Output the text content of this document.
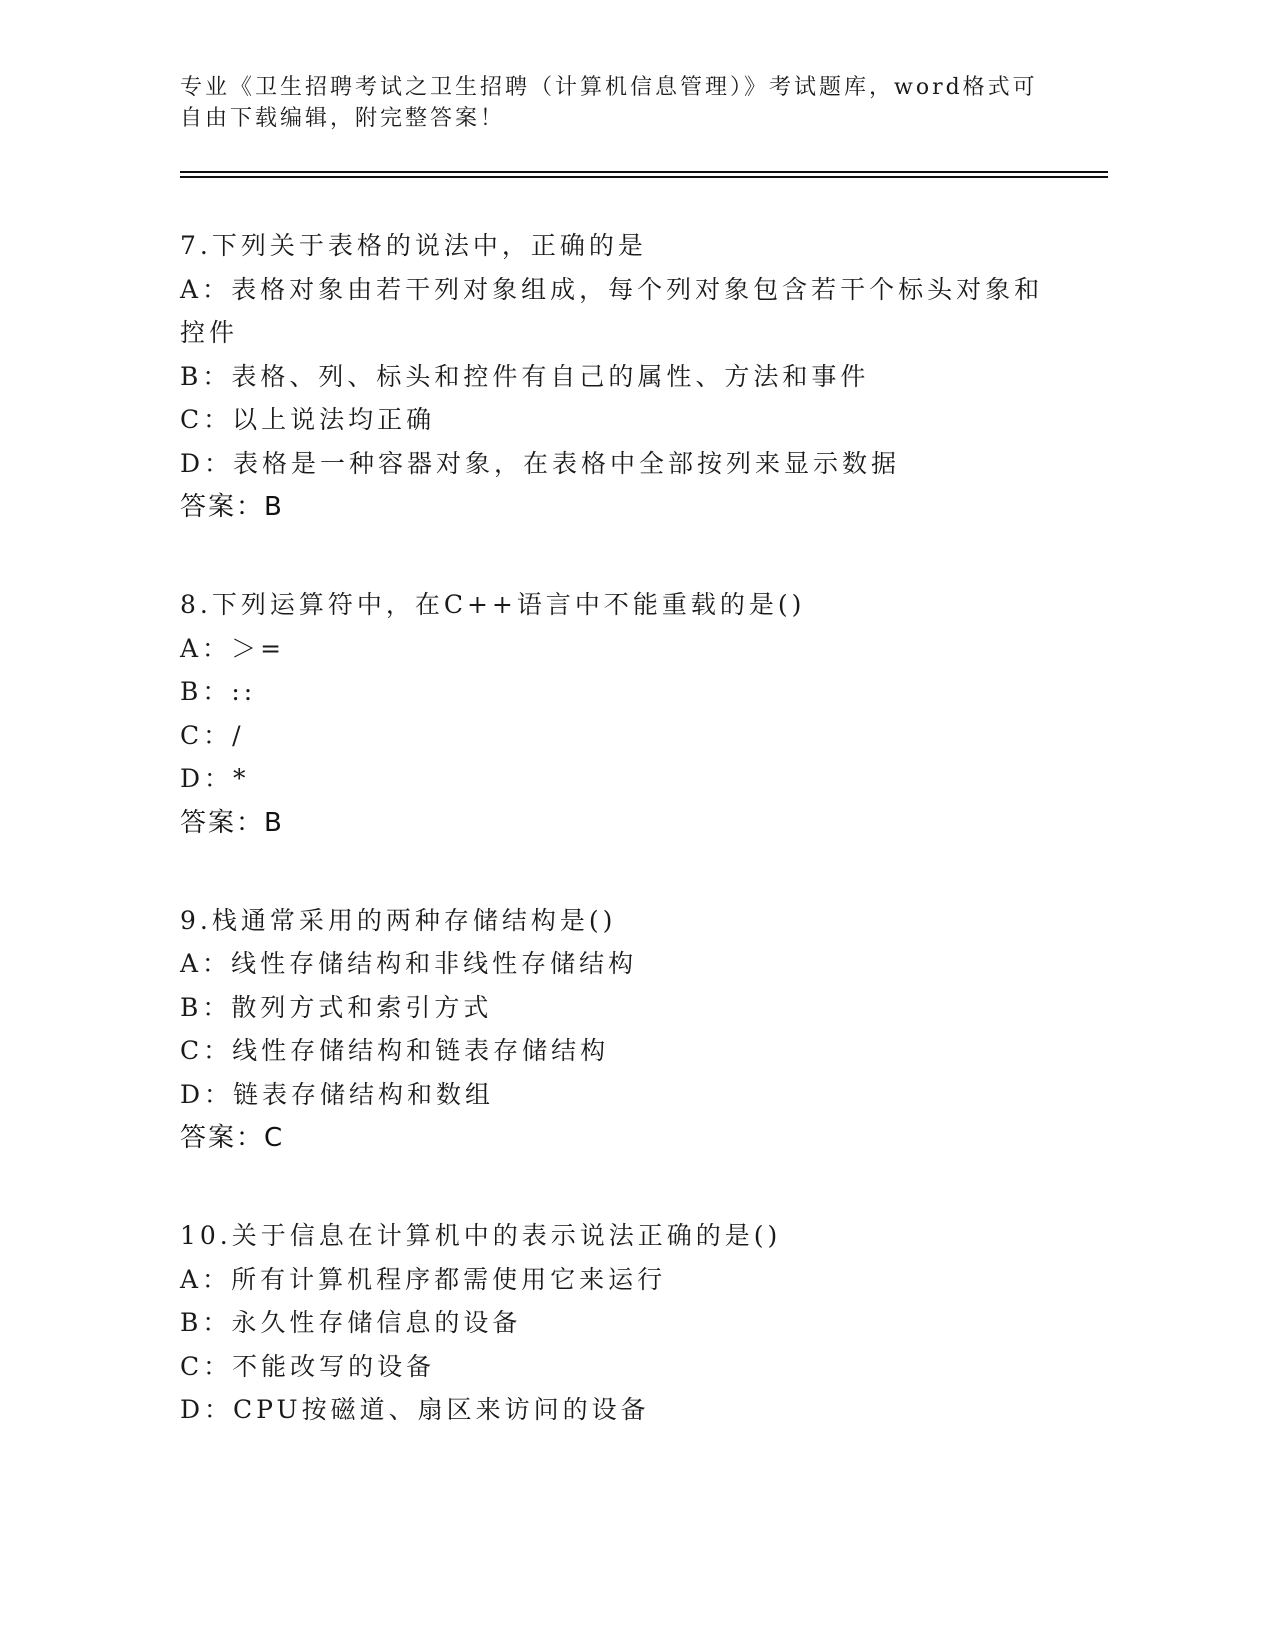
专业《卫生招聘考试之卫生招聘（计算机信息管理）》考试题库，word格式可自由下载编辑，附完整答案！

7.下列关于表格的说法中，正确的是

A：表格对象由若干列对象组成，每个列对象包含若干个标头对象和控件

B：表格、列、标头和控件有自己的属性、方法和事件

C：以上说法均正确

D：表格是一种容器对象，在表格中全部按列来显示数据

答案：B

8.下列运算符中，在C++语言中不能重载的是()

A：＞=

B：::

C：/

D：*

答案：B

9.栈通常采用的两种存储结构是()

A：线性存储结构和非线性存储结构

B：散列方式和索引方式

C：线性存储结构和链表存储结构

D：链表存储结构和数组

答案：C

10.关于信息在计算机中的表示说法正确的是()

A：所有计算机程序都需使用它来运行

B：永久性存储信息的设备

C：不能改写的设备

D：CPU按磁道、扇区来访问的设备
